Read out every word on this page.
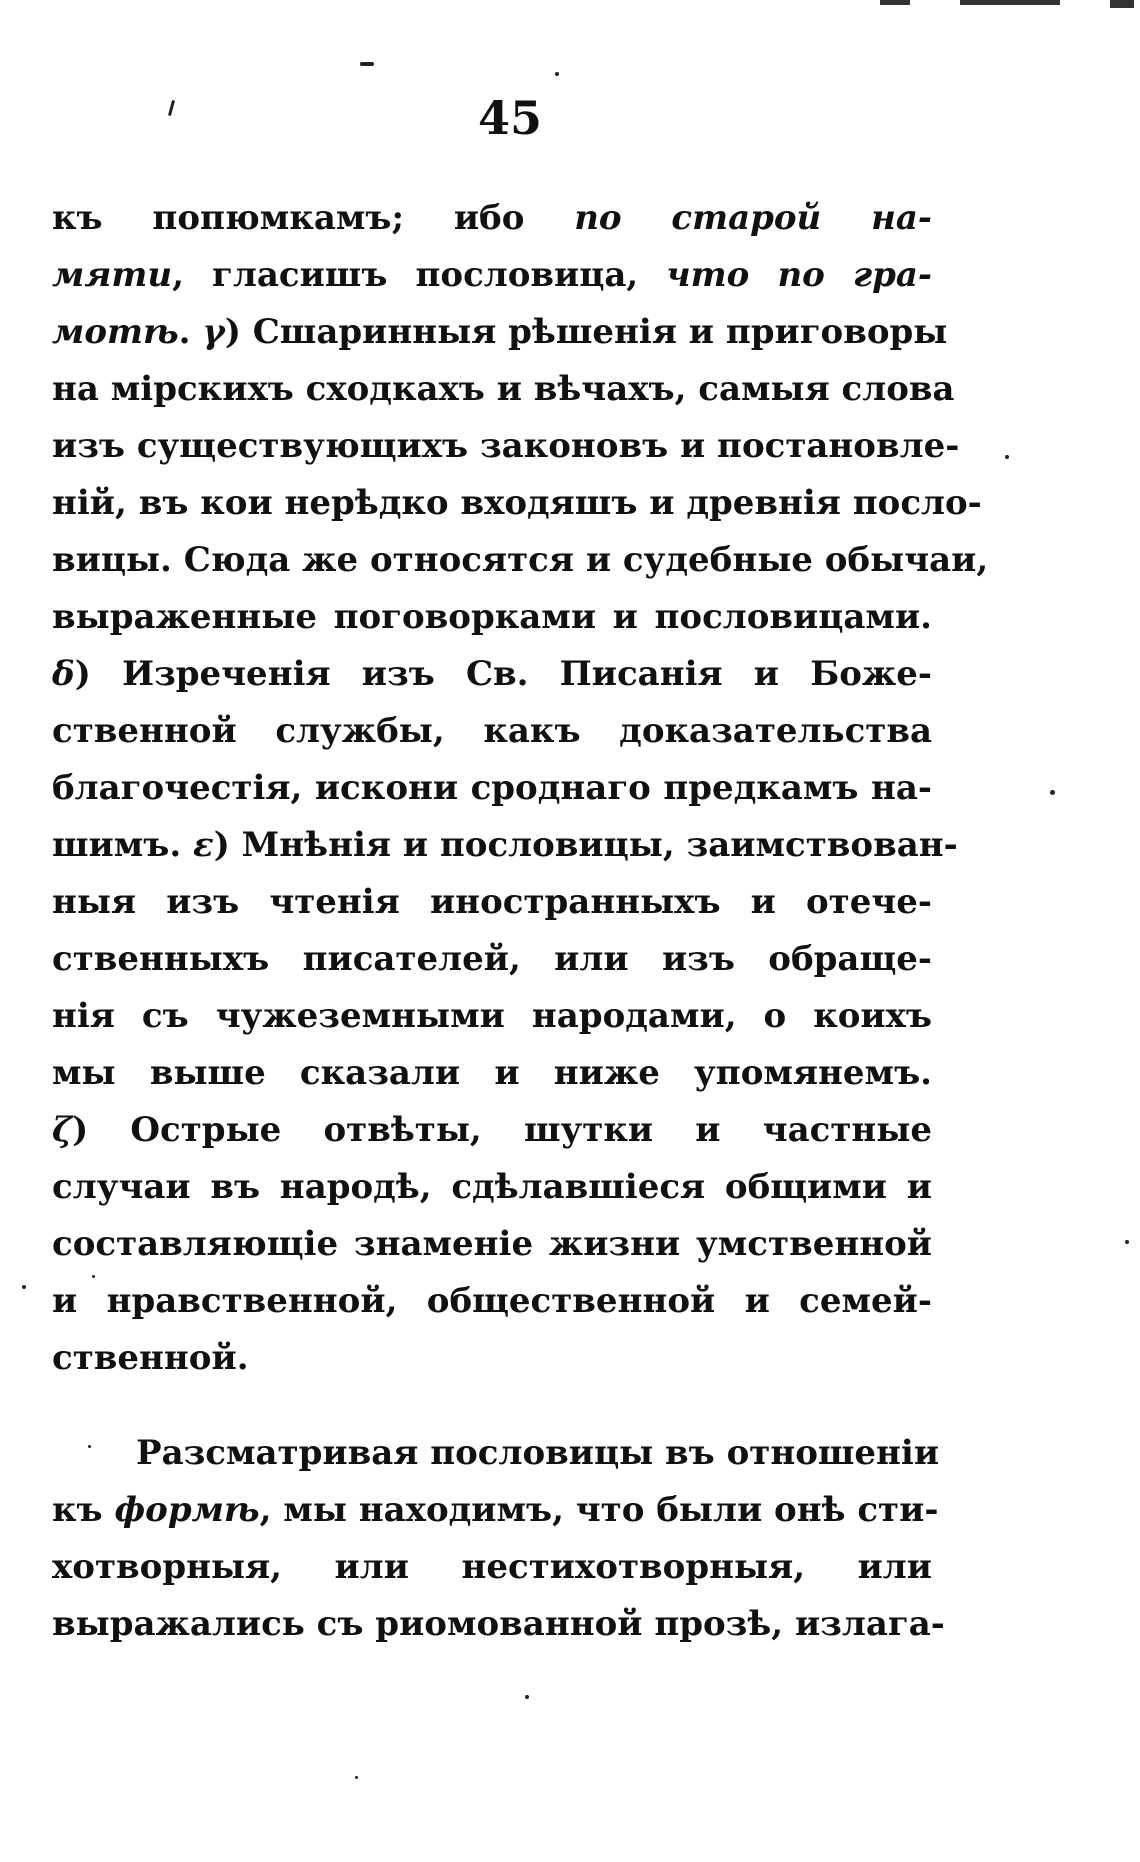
45
къ попюмкамъ; ибо по старой на-
мяти, гласишъ пословица, что по гра-
мотѣ. γ) Сшаринныя рѣшенія и приговоры
на мірскихъ сходкахъ и вѣчахъ, самыя слова
изъ существующихъ законовъ и постановле-
ній, въ кои нерѣдко входяшъ и древнія посло-
вицы. Сюда же относятся и судебные обычаи,
выраженные поговорками и пословицами.
δ) Изреченія изъ Св. Писанія и Боже-
ственной службы, какъ доказательства
благочестія, искони сроднаго предкамъ на-
шимъ. ε) Мнѣнія и пословицы, заимствован-
ныя изъ чтенія иностранныхъ и отече-
ственныхъ писателей, или изъ обраще-
нія съ чужеземными народами, о коихъ
мы выше сказали и ниже упомянемъ.
ζ) Острые отвѣты, шутки и частные
случаи въ народѣ, сдѣлавшіеся общими и
составляющіе знаменіе жизни умственной
и нравственной, общественной и семей-
ственной.
Разсматривая пословицы въ отношеніи
къ формѣ, мы находимъ, что были онѣ сти-
хотворныя, или нестихотворныя, или
выражались съ риомованной прозѣ, излага-
